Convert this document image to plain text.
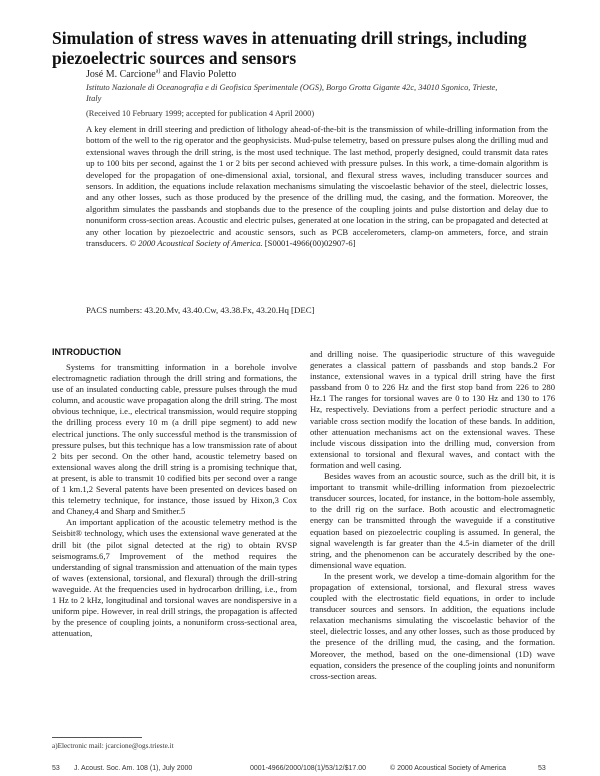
Simulation of stress waves in attenuating drill strings, including piezoelectric sources and sensors
José M. Carcione$^{a)}$ and Flavio Poletto
Istituto Nazionale di Oceanografia e di Geofisica Sperimentale (OGS), Borgo Grotta Gigante 42c, 34010 Sgonico, Trieste, Italy
(Received 10 February 1999; accepted for publication 4 April 2000)
A key element in drill steering and prediction of lithology ahead-of-the-bit is the transmission of while-drilling information from the bottom of the well to the rig operator and the geophysicists. Mud-pulse telemetry, based on pressure pulses along the drilling mud and extensional waves through the drill string, is the most used technique. The last method, properly designed, could transmit data rates up to 100 bits per second, against the 1 or 2 bits per second achieved with pressure pulses. In this work, a time-domain algorithm is developed for the propagation of one-dimensional axial, torsional, and flexural stress waves, including transducer sources and sensors. In addition, the equations include relaxation mechanisms simulating the viscoelastic behavior of the steel, dielectric losses, and any other losses, such as those produced by the presence of the drilling mud, the casing, and the formation. Moreover, the algorithm simulates the passbands and stopbands due to the presence of the coupling joints and pulse distortion and delay due to nonuniform cross-section areas. Acoustic and electric pulses, generated at one location in the string, can be propagated and detected at any other location by piezoelectric and acoustic sensors, such as PCB accelerometers, clamp-on ammeters, force, and strain transducers. © 2000 Acoustical Society of America. [S0001-4966(00)02907-6]
PACS numbers: 43.20.Mv, 43.40.Cw, 43.38.Fx, 43.20.Hq [DEC]
INTRODUCTION

Systems for transmitting information in a borehole involve electromagnetic radiation through the drill string and formations, the use of an insulated conducting cable, pressure pulses through the mud column, and acoustic wave propagation along the drill string. The most obvious technique, i.e., electrical transmission, would require stopping the drilling process every 10 m (a drill pipe segment) to add new electrical junctions. The only successful method is the transmission of pressure pulses, but this technique has a low transmission rate of about 2 bits per second. On the other hand, acoustic telemetry based on extensional waves along the drill string is a promising technique that, at present, is able to transmit 10 codified bits per second over a range of 1 km.1,2 Several patents have been presented on devices based on this telemetry technique, for instance, those issued by Hixon,3 Cox and Chaney,4 and Sharp and Smither.5

An important application of the acoustic telemetry method is the Seisbit® technology, which uses the extensional wave generated at the drill bit (the pilot signal detected at the rig) to obtain RVSP seismograms.6,7 Improvement of the method requires the understanding of signal transmission and attenuation of the main types of waves (extensional, torsional, and flexural) through the drill-string waveguide. At the frequencies used in hydrocarbon drilling, i.e., from 1 Hz to 2 kHz, longitudinal and torsional waves are nondispersive in a uniform pipe. However, in real drill strings, the propagation is affected by the presence of coupling joints, a nonuniform cross-sectional area, attenuation,

and drilling noise. The quasiperiodic structure of this waveguide generates a classical pattern of passbands and stop bands.2 For instance, extensional waves in a typical drill string have the first passband from 0 to 226 Hz and the first stop band from 226 to 280 Hz.1 The ranges for torsional waves are 0 to 130 Hz and 130 to 176 Hz, respectively. Deviations from a perfect periodic structure and a variable cross section modify the location of these bands. In addition, other attenuation mechanisms act on the extensional waves. These include viscous dissipation into the drilling mud, conversion from extensional to torsional and flexural waves, and contact with the formation and well casing.

Besides waves from an acoustic source, such as the drill bit, it is important to transmit while-drilling information from piezoelectric transducer sources, located, for instance, in the bottom-hole assembly, to the drill rig on the surface. Both acoustic and electromagnetic energy can be transmitted through the waveguide if a constitutive equation based on piezoelectric coupling is assumed. In general, the signal wavelength is far greater than the 4.5-in diameter of the drill string, and the phenomenon can be accurately described by the one-dimensional wave equation.

In the present work, we develop a time-domain algorithm for the propagation of extensional, torsional, and flexural stress waves coupled with the electrostatic field equations, in order to include transducer sources and sensors. In addition, the equations include relaxation mechanisms simulating the viscoelastic behavior of the steel, dielectric losses, and any other losses, such as those produced by the presence of the drilling mud, the casing, and the formation. Moreover, the method, based on the one-dimensional (1D) wave equation, considers the presence of the coupling joints and nonuniform cross-section areas.

a)Electronic mail: jcarcione@ogs.trieste.it
53 J. Acoust. Soc. Am. 108 (1), July 2000	0001-4966/2000/108(1)/53/12/$17.00	© 2000 Acoustical Society of America	53
